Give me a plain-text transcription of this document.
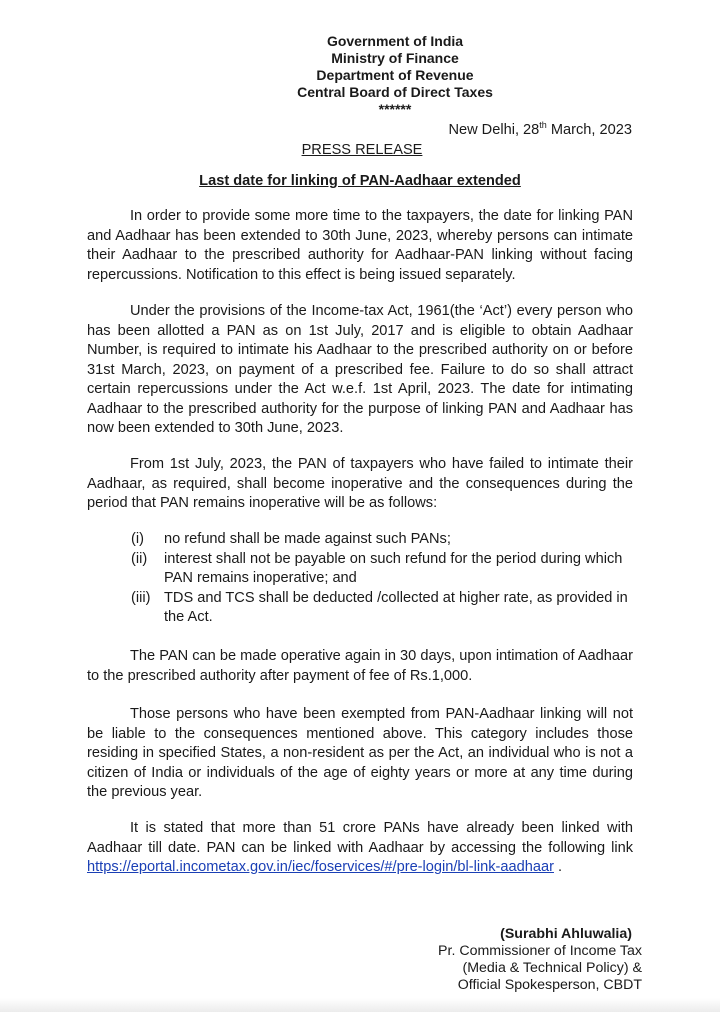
Government of India
Ministry of Finance
Department of Revenue
Central Board of Direct Taxes
******
New Delhi, 28th March, 2023
PRESS RELEASE
Last date for linking of PAN-Aadhaar extended

In order to provide some more time to the taxpayers, the date for linking PAN and Aadhaar has been extended to 30th June, 2023, whereby persons can intimate their Aadhaar to the prescribed authority for Aadhaar-PAN linking without facing repercussions. Notification to this effect is being issued separately.

Under the provisions of the Income-tax Act, 1961(the ‘Act’) every person who has been allotted a PAN as on 1st July, 2017 and is eligible to obtain Aadhaar Number, is required to intimate his Aadhaar to the prescribed authority on or before 31st March, 2023, on payment of a prescribed fee. Failure to do so shall attract certain repercussions under the Act w.e.f. 1st April, 2023. The date for intimating Aadhaar to the prescribed authority for the purpose of linking PAN and Aadhaar has now been extended to 30th June, 2023.

From 1st July, 2023, the PAN of taxpayers who have failed to intimate their Aadhaar, as required, shall become inoperative and the consequences during the period that PAN remains inoperative will be as follows:

(i) no refund shall be made against such PANs;
(ii) interest shall not be payable on such refund for the period during which PAN remains inoperative; and
(iii) TDS and TCS shall be deducted /collected at higher rate, as provided in the Act.

The PAN can be made operative again in 30 days, upon intimation of Aadhaar to the prescribed authority after payment of fee of Rs.1,000.

Those persons who have been exempted from PAN-Aadhaar linking will not be liable to the consequences mentioned above. This category includes those residing in specified States, a non-resident as per the Act, an individual who is not a citizen of India or individuals of the age of eighty years or more at any time during the previous year.

It is stated that more than 51 crore PANs have already been linked with Aadhaar till date. PAN can be linked with Aadhaar by accessing the following link https://eportal.incometax.gov.in/iec/foservices/#/pre-login/bl-link-aadhaar .

(Surabhi Ahluwalia)
Pr. Commissioner of Income Tax
(Media & Technical Policy) &
Official Spokesperson, CBDT
